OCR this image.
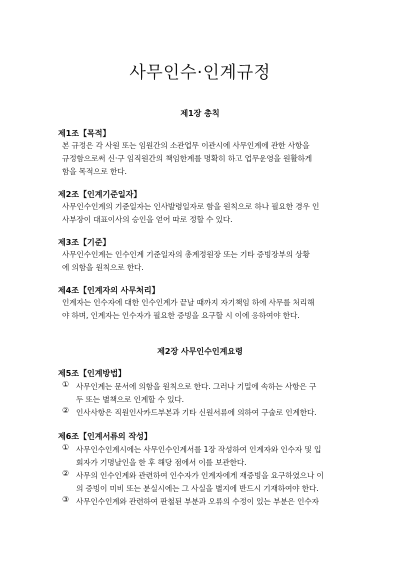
사무인수·인계규정
제1장 총칙
제1조【목적】
본 규정은 각 사원 또는 임원간의 소관업무 이관시에 사무인계에 관한 사항을
규정함으로써 신·구 임직원간의 책임한계를 명확히 하고 업무운영을 원활하게
함을 목적으로 한다.
제2조【인계기준일자】
사무인수인계의 기준일자는 인사발령일자로 함을 원칙으로 하나 필요한 경우 인
사부장이 대표이사의 승인을 얻어 따로 정할 수 있다.
제3조【기준】
사무인수인계는 인수인계 기준일자의 총계정원장 또는 기타 증빙장부의 상황
에 의함을 원칙으로 한다.
제4조【인계자의 사무처리】
인계자는 인수자에 대한 인수인계가 끝날 때까지 자기책임 하에 사무를 처리해
야 하며, 인계자는 인수자가 필요한 증빙을 요구할 시 이에 응하여야 한다.
제2장 사무인수인계요령
제5조【인계방법】
① 사무인계는 문서에 의함을 원칙으로 한다. 그러나 기밀에 속하는 사항은 구
두 또는 별책으로 인계할 수 있다.
② 인사사항은 직원인사카드부본과 기타 신원서류에 의하여 구술로 인계한다.
제6조【인계서류의 작성】
① 사무인수인계시에는 사무인수인계서를 1장 작성하여 인계자와 인수자 및 입
회자가 기명날인을 한 후 해당 점에서 이를 보관한다.
② 사무의 인수인계와 관련하여 인수자가 인계자에게 재증빙을 요구하였으나 이
의 증빙이 미비 또는 분실시에는 그 사실을 별지에 반드시 기재하여야 한다.
③ 사무인수인계와 관련하여 판철된 부분과 오류의 수정이 있는 부분은 인수자
